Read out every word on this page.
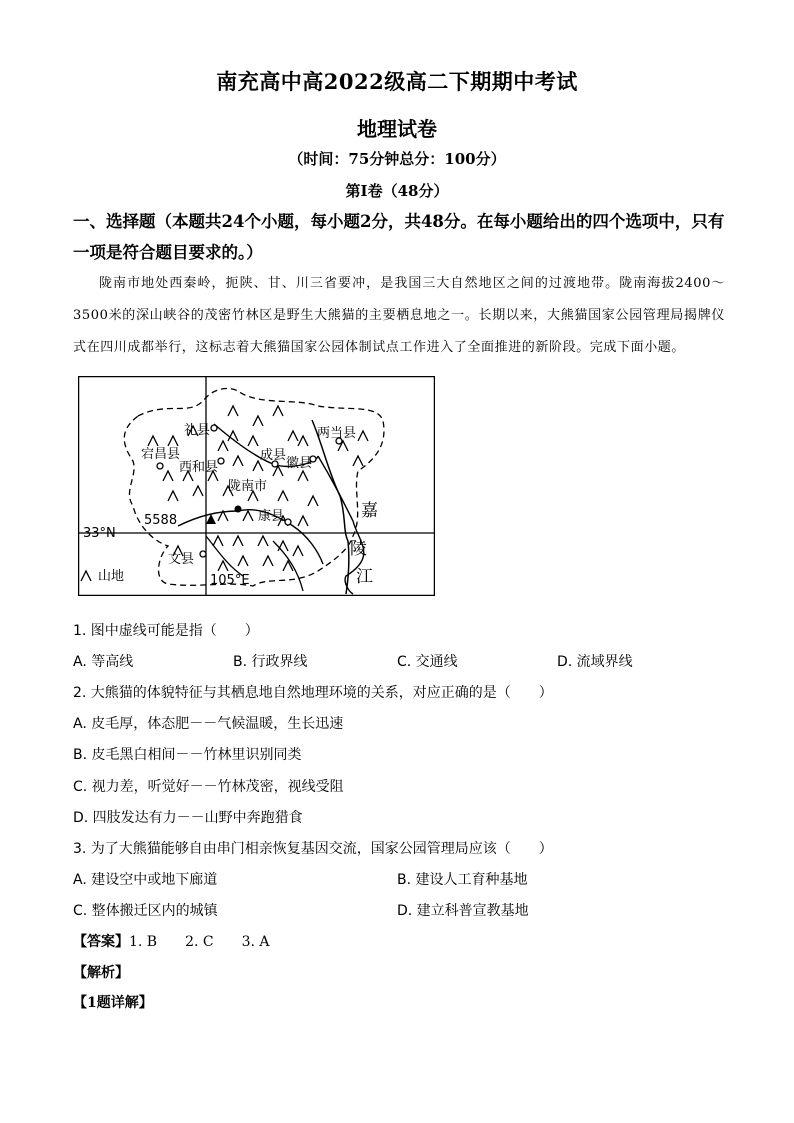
南充高中高2022级高二下期期中考试
地理试卷
（时间：75分钟总分：100分）
第Ⅰ卷（48分）
一、选择题（本题共24个小题，每小题2分，共48分。在每小题给出的四个选项中，只有一项是符合题目要求的。）
陇南市地处西秦岭，扼陕、甘、川三省要冲，是我国三大自然地区之间的过渡地带。陇南海拔2400～3500米的深山峡谷的茂密竹林区是野生大熊猫的主要栖息地之一。长期以来，大熊猫国家公园管理局揭牌仪式在四川成都举行，这标志着大熊猫国家公园体制试点工作进入了全面推进的新阶段。完成下面小题。
礼县	两当县
宕昌县
西和县
成县
徽县
陇南市
康县
5588
33°N
文县
105°E
山地
嘉
陵
江
1. 图中虚线可能是指（　　）
A. 等高线	B. 行政界线	C. 交通线	D. 流域界线
2. 大熊猫的体貌特征与其栖息地自然地理环境的关系，对应正确的是（　　）
A. 皮毛厚，体态肥－－气候温暖，生长迅速
B. 皮毛黑白相间－－竹林里识别同类
C. 视力差，听觉好－－竹林茂密，视线受阻
D. 四肢发达有力－－山野中奔跑猎食
3. 为了大熊猫能够自由串门相亲恢复基因交流，国家公园管理局应该（　　）
A. 建设空中或地下廊道	B. 建设人工育种基地
C. 整体搬迁区内的城镇	D. 建立科普宣教基地
【答案】1. B　　2. C　　3. A
【解析】
【1题详解】
